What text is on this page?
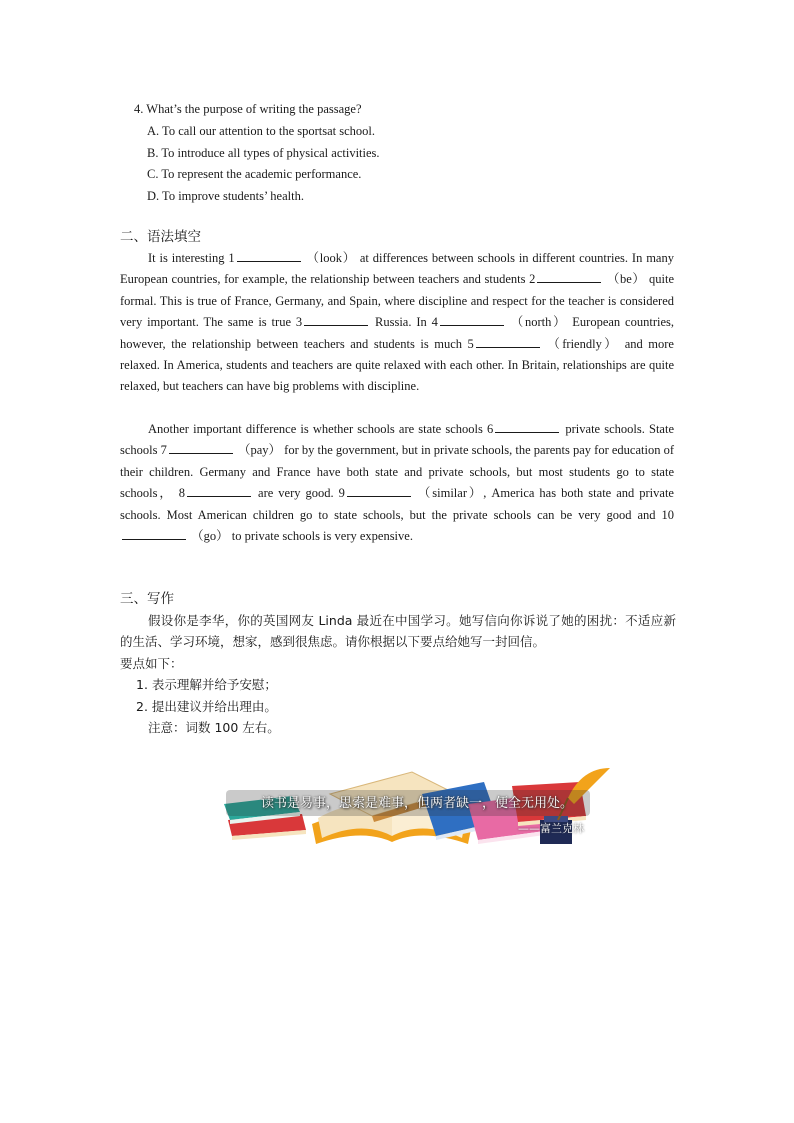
4. What’s the purpose of writing the passage?
A. To call our attention to the sportsat school.
B. To introduce all types of physical activities.
C. To represent the academic performance.
D. To improve students’ health.
二、语法填空
It is interesting 1	（look） at differences between schools in different countries. In many European countries, for example, the relationship between teachers and students 2	（be） quite formal. This is true of France, Germany, and Spain, where discipline and respect for the teacher is considered very important. The same is true 3	Russia. In 4	（north） European countries, however, the relationship between teachers and students is much 5	（friendly） and more relaxed. In America, students and teachers are quite relaxed with each other. In Britain, relationships are quite relaxed, but teachers can have big problems with discipline.
Another important difference is whether schools are state schools 6	private schools. State schools 7	（pay） for by the government, but in private schools, the parents pay for education of their children. Germany and France have both state and private schools, but most students go to state schools， 8	are very good. 9	（similar）, America has both state and private schools. Most American children go to state schools, but the private schools can be very good and 10 （go） to private schools is very expensive.
三、写作
假设你是李华，你的英国网友 Linda 最近在中国学习。她写信向你诉说了她的困扰：不适应新的生活、学习环境，想家，感到很焦虑。请你根据以下要点给她写一封回信。
要点如下：
1. 表示理解并给予安慰；
2. 提出建议并给出理由。
注意：词数 100 左右。
读书是易事，思索是难事，但两者缺一，便全无用处。
——富兰克林
